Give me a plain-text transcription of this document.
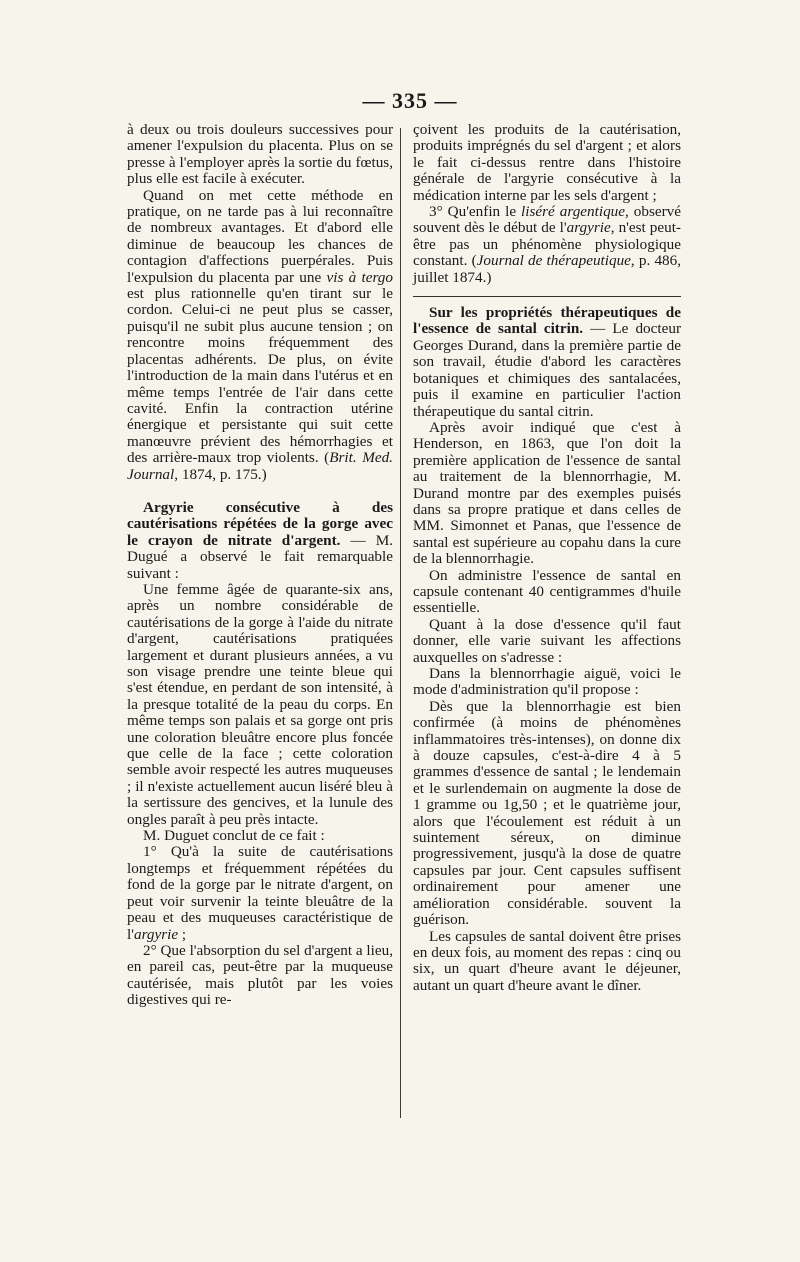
— 335 —

à deux ou trois douleurs successives pour amener l'expulsion du placenta. Plus on se presse à l'employer après la sortie du fœtus, plus elle est facile à exécuter.

Quand on met cette méthode en pratique, on ne tarde pas à lui reconnaître de nombreux avantages. Et d'abord elle diminue de beaucoup les chances de contagion d'affections puerpérales. Puis l'expulsion du placenta par une vis à tergo est plus rationnelle qu'en tirant sur le cordon. Celui-ci ne peut plus se casser, puisqu'il ne subit plus aucune tension ; on rencontre moins fréquemment des placentas adhérents. De plus, on évite l'introduction de la main dans l'utérus et en même temps l'entrée de l'air dans cette cavité. Enfin la contraction utérine énergique et persistante qui suit cette manœuvre prévient des hémorrhagies et des arrière-maux trop violents. (Brit. Med. Journal, 1874, p. 175.)

Argyrie consécutive à des cautérisations répétées de la gorge avec le crayon de nitrate d'argent. — M. Dugué a observé le fait remarquable suivant :

Une femme âgée de quarante-six ans, après un nombre considérable de cautérisations de la gorge à l'aide du nitrate d'argent, cautérisations pratiquées largement et durant plusieurs années, a vu son visage prendre une teinte bleue qui s'est étendue, en perdant de son intensité, à la presque totalité de la peau du corps. En même temps son palais et sa gorge ont pris une coloration bleuâtre encore plus foncée que celle de la face ; cette coloration semble avoir respecté les autres muqueuses ; il n'existe actuellement aucun liséré bleu à la sertissure des gencives, et la lunule des ongles paraît à peu près intacte.

M. Duguet conclut de ce fait :

1° Qu'à la suite de cautérisations longtemps et fréquemment répétées du fond de la gorge par le nitrate d'argent, on peut voir survenir la teinte bleuâtre de la peau et des muqueuses caractéristique de l'argyrie ;

2° Que l'absorption du sel d'argent a lieu, en pareil cas, peut-être par la muqueuse cautérisée, mais plutôt par les voies digestives qui re-

çoivent les produits de la cautérisation, produits imprégnés du sel d'argent ; et alors le fait ci-dessus rentre dans l'histoire générale de l'argyrie consécutive à la médication interne par les sels d'argent ;

3° Qu'enfin le liséré argentique, observé souvent dès le début de l'argyrie, n'est peut-être pas un phénomène physiologique constant. (Journal de thérapeutique, p. 486, juillet 1874.)

Sur les propriétés thérapeutiques de l'essence de santal citrin. — Le docteur Georges Durand, dans la première partie de son travail, étudie d'abord les caractères botaniques et chimiques des santalacées, puis il examine en particulier l'action thérapeutique du santal citrin.

Après avoir indiqué que c'est à Henderson, en 1863, que l'on doit la première application de l'essence de santal au traitement de la blennorrhagie, M. Durand montre par des exemples puisés dans sa propre pratique et dans celles de MM. Simonnet et Panas, que l'essence de santal est supérieure au copahu dans la cure de la blennorrhagie.

On administre l'essence de santal en capsule contenant 40 centigrammes d'huile essentielle.

Quant à la dose d'essence qu'il faut donner, elle varie suivant les affections auxquelles on s'adresse :

Dans la blennorrhagie aiguë, voici le mode d'administration qu'il propose :

Dès que la blennorrhagie est bien confirmée (à moins de phénomènes inflammatoires très-intenses), on donne dix à douze capsules, c'est-à-dire 4 à 5 grammes d'essence de santal ; le lendemain et le surlendemain on augmente la dose de 1 gramme ou 1g,50 ; et le quatrième jour, alors que l'écoulement est réduit à un suintement séreux, on diminue progressivement, jusqu'à la dose de quatre capsules par jour. Cent capsules suffisent ordinairement pour amener une amélioration considérable. souvent la guérison.

Les capsules de santal doivent être prises en deux fois, au moment des repas : cinq ou six, un quart d'heure avant le déjeuner, autant un quart d'heure avant le dîner.
